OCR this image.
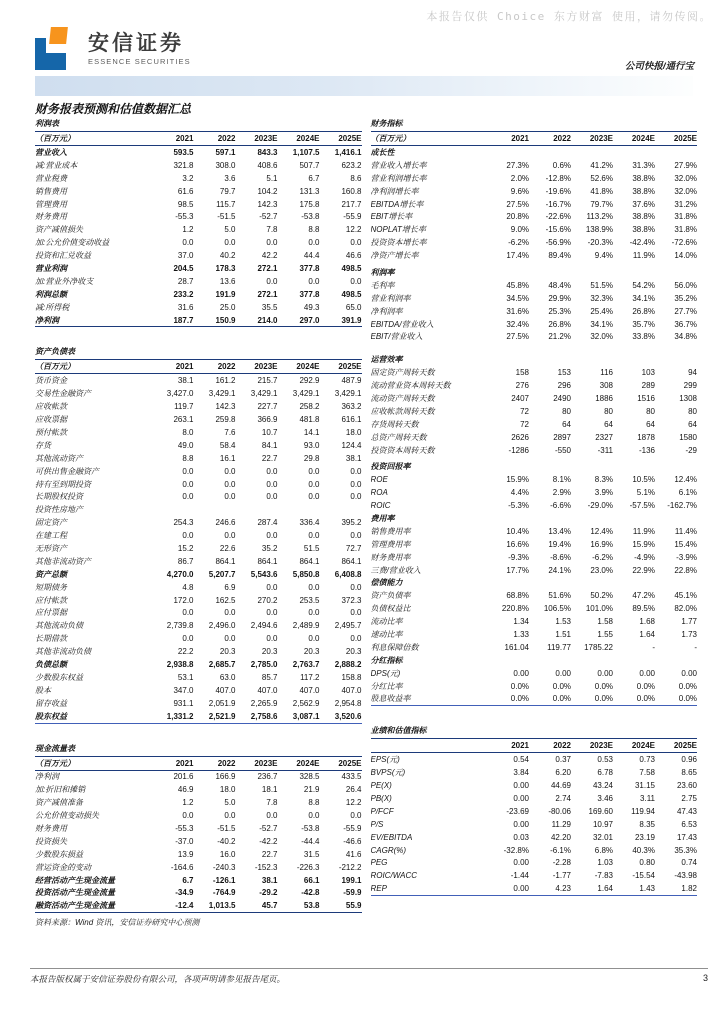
本报告仅供 Choice 东方财富 使用，请勿传阅。
安信证券
ESSENCE SECURITIES	公司快报/通行宝
财务报表预测和估值数据汇总
利润表
（百万元）	2021	2022	2023E	2024E	2025E
营业收入	593.5	597.1	843.3	1,107.5	1,416.1
减:营业成本	321.8	308.0	408.6	507.7	623.2
营业税费	3.2	3.6	5.1	6.7	8.6
销售费用	61.6	79.7	104.2	131.3	160.8
管理费用	98.5	115.7	142.3	175.8	217.7
财务费用	-55.3	-51.5	-52.7	-53.8	-55.9
资产减值损失	1.2	5.0	7.8	8.8	12.2
加:公允价值变动收益	0.0	0.0	0.0	0.0	0.0
投资和汇兑收益	37.0	40.2	42.2	44.4	46.6
营业利润	204.5	178.3	272.1	377.8	498.5
加:营业外净收支	28.7	13.6	0.0	0.0	0.0
利润总额	233.2	191.9	272.1	377.8	498.5
减:所得税	31.6	25.0	35.5	49.3	65.0
净利润	187.7	150.9	214.0	297.0	391.9
资产负债表
（百万元）	2021	2022	2023E	2024E	2025E
货币资金	38.1	161.2	215.7	292.9	487.9
交易性金融资产	3,427.0	3,429.1	3,429.1	3,429.1	3,429.1
应收帐款	119.7	142.3	227.7	258.2	363.2
应收票据	263.1	259.8	366.9	481.8	616.1
预付帐款	8.0	7.6	10.7	14.1	18.0
存货	49.0	58.4	84.1	93.0	124.4
其他流动资产	8.8	16.1	22.7	29.8	38.1
可供出售金融资产	0.0	0.0	0.0	0.0	0.0
持有至到期投资	0.0	0.0	0.0	0.0	0.0
长期股权投资	0.0	0.0	0.0	0.0	0.0
投资性房地产
固定资产	254.3	246.6	287.4	336.4	395.2
在建工程	0.0	0.0	0.0	0.0	0.0
无形资产	15.2	22.6	35.2	51.5	72.7
其他非流动资产	86.7	864.1	864.1	864.1	864.1
资产总额	4,270.0	5,207.7	5,543.6	5,850.8	6,408.8
短期债务	4.8	6.9	0.0	0.0	0.0
应付帐款	172.0	162.5	270.2	253.5	372.3
应付票据	0.0	0.0	0.0	0.0	0.0
其他流动负债	2,739.8	2,496.0	2,494.6	2,489.9	2,495.7
长期借款	0.0	0.0	0.0	0.0	0.0
其他非流动负债	22.2	20.3	20.3	20.3	20.3
负债总额	2,938.8	2,685.7	2,785.0	2,763.7	2,888.2
少数股东权益	53.1	63.0	85.7	117.2	158.8
股本	347.0	407.0	407.0	407.0	407.0
留存收益	931.1	2,051.9	2,265.9	2,562.9	2,954.8
股东权益	1,331.2	2,521.9	2,758.6	3,087.1	3,520.6
现金流量表
（百万元）	2021	2022	2023E	2024E	2025E
净利润	201.6	166.9	236.7	328.5	433.5
加:折旧和摊销	46.9	18.0	18.1	21.9	26.4
资产减值准备	1.2	5.0	7.8	8.8	12.2
公允价值变动损失	0.0	0.0	0.0	0.0	0.0
财务费用	-55.3	-51.5	-52.7	-53.8	-55.9
投资损失	-37.0	-40.2	-42.2	-44.4	-46.6
少数股东损益	13.9	16.0	22.7	31.5	41.6
营运资金的变动	-164.6	-240.3	-152.3	-226.3	-212.2
经营活动产生现金流量	6.7	-126.1	38.1	66.1	199.1
投资活动产生现金流量	-34.9	-764.9	-29.2	-42.8	-59.9
融资活动产生现金流量	-12.4	1,013.5	45.7	53.8	55.9
资料来源：Wind 资讯，安信证券研究中心预测
财务指标
（百万元）	2021	2022	2023E	2024E	2025E
成长性
营业收入增长率	27.3%	0.6%	41.2%	31.3%	27.9%
营业利润增长率	2.0%	-12.8%	52.6%	38.8%	32.0%
净利润增长率	9.6%	-19.6%	41.8%	38.8%	32.0%
EBITDA增长率	27.5%	-16.7%	79.7%	37.6%	31.2%
EBIT增长率	20.8%	-22.6%	113.2%	38.8%	31.8%
NOPLAT增长率	9.0%	-15.6%	138.9%	38.8%	31.8%
投资资本增长率	-6.2%	-56.9%	-20.3%	-42.4%	-72.6%
净资产增长率	17.4%	89.4%	9.4%	11.9%	14.0%
利润率
毛利率	45.8%	48.4%	51.5%	54.2%	56.0%
营业利润率	34.5%	29.9%	32.3%	34.1%	35.2%
净利润率	31.6%	25.3%	25.4%	26.8%	27.7%
EBITDA/营业收入	32.4%	26.8%	34.1%	35.7%	36.7%
EBIT/营业收入	27.5%	21.2%	32.0%	33.8%	34.8%
运营效率
固定资产周转天数	158	153	116	103	94
流动营业资本周转天数	276	296	308	289	299
流动资产周转天数	2407	2490	1886	1516	1308
应收帐款周转天数	72	80	80	80	80
存货周转天数	72	64	64	64	64
总资产周转天数	2626	2897	2327	1878	1580
投资资本周转天数	-1286	-550	-311	-136	-29
投资回报率
ROE	15.9%	8.1%	8.3%	10.5%	12.4%
ROA	4.4%	2.9%	3.9%	5.1%	6.1%
ROIC	-5.3%	-6.6%	-29.0%	-57.5%	-162.7%
费用率
销售费用率	10.4%	13.4%	12.4%	11.9%	11.4%
管理费用率	16.6%	19.4%	16.9%	15.9%	15.4%
财务费用率	-9.3%	-8.6%	-6.2%	-4.9%	-3.9%
三费/营业收入	17.7%	24.1%	23.0%	22.9%	22.8%
偿债能力
资产负债率	68.8%	51.6%	50.2%	47.2%	45.1%
负债权益比	220.8%	106.5%	101.0%	89.5%	82.0%
流动比率	1.34	1.53	1.58	1.68	1.77
速动比率	1.33	1.51	1.55	1.64	1.73
利息保障倍数	161.04	119.77	1785.22	-	-
分红指标
DPS(元)	0.00	0.00	0.00	0.00	0.00
分红比率	0.0%	0.0%	0.0%	0.0%	0.0%
股息收益率	0.0%	0.0%	0.0%	0.0%	0.0%
业绩和估值指标
2021	2022	2023E	2024E	2025E
EPS(元)	0.54	0.37	0.53	0.73	0.96
BVPS(元)	3.84	6.20	6.78	7.58	8.65
PE(X)	0.00	44.69	43.24	31.15	23.60
PB(X)	0.00	2.74	3.46	3.11	2.75
P/FCF	-23.69	-80.06	169.60	119.94	47.43
P/S	0.00	11.29	10.97	8.35	6.53
EV/EBITDA	0.03	42.20	32.01	23.19	17.43
CAGR(%)	-32.8%	-6.1%	6.8%	40.3%	35.3%
PEG	0.00	-2.28	1.03	0.80	0.74
ROIC/WACC	-1.44	-1.77	-7.83	-15.54	-43.98
REP	0.00	4.23	1.64	1.43	1.82
本报告版权属于安信证券股份有限公司，各项声明请参见报告尾页。	3
